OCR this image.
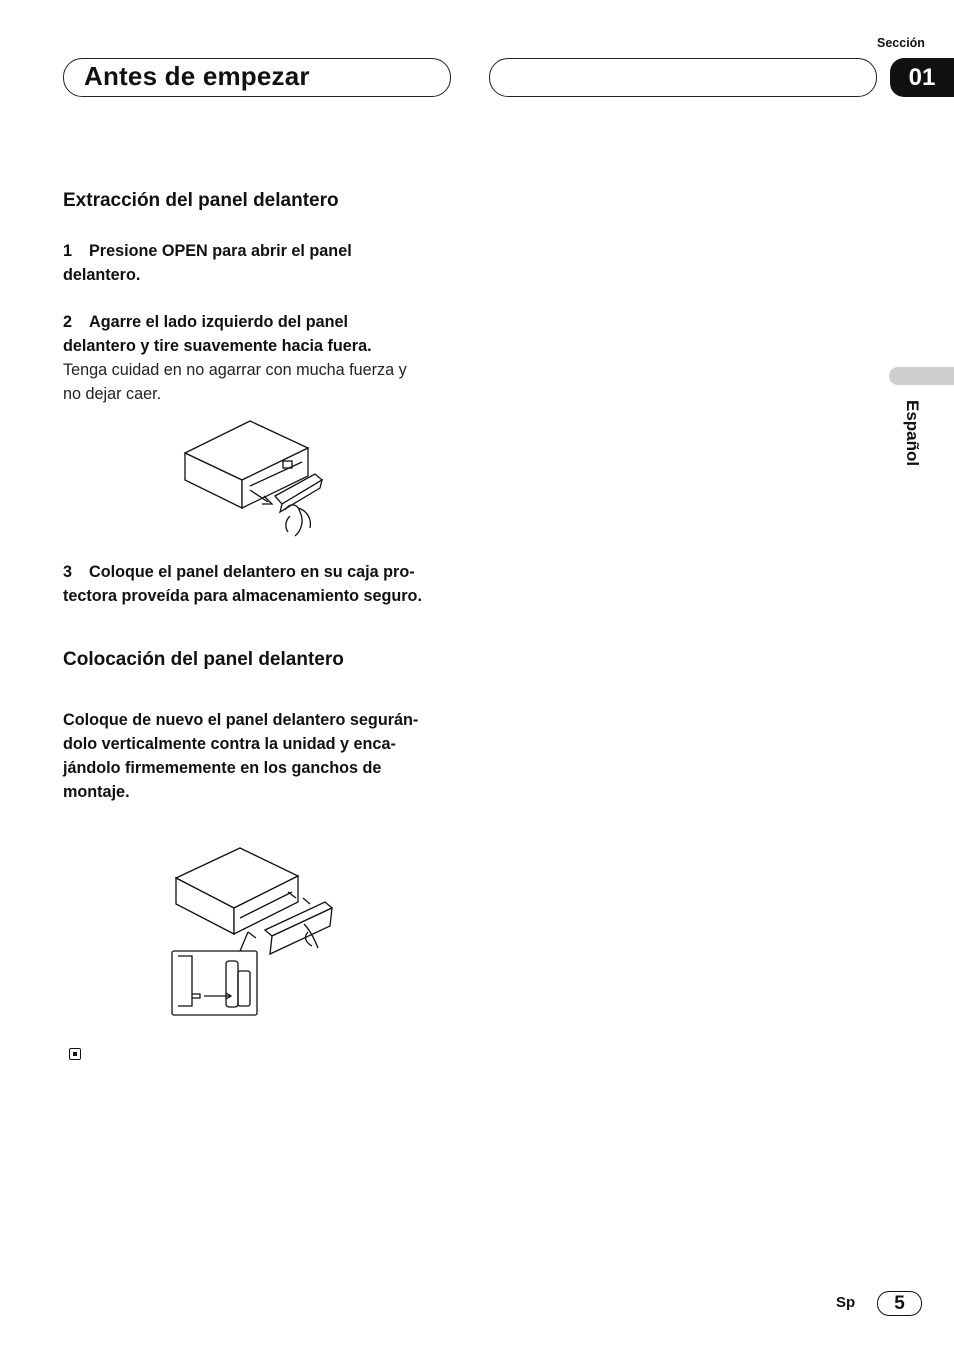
Antes de empezar
Sección
01
Español
Extracción del panel delantero
1 Presione OPEN para abrir el panel
delantero.
2 Agarre el lado izquierdo del panel
delantero y tire suavemente hacia fuera.
Tenga cuidad en no agarrar con mucha fuerza y
no dejar caer.
3 Coloque el panel delantero en su caja pro-
tectora proveída para almacenamiento seguro.
Colocación del panel delantero
Coloque de nuevo el panel delantero segurán-
dolo verticalmente contra la unidad y enca-
jándolo firmememente en los ganchos de
montaje.
Sp	5
